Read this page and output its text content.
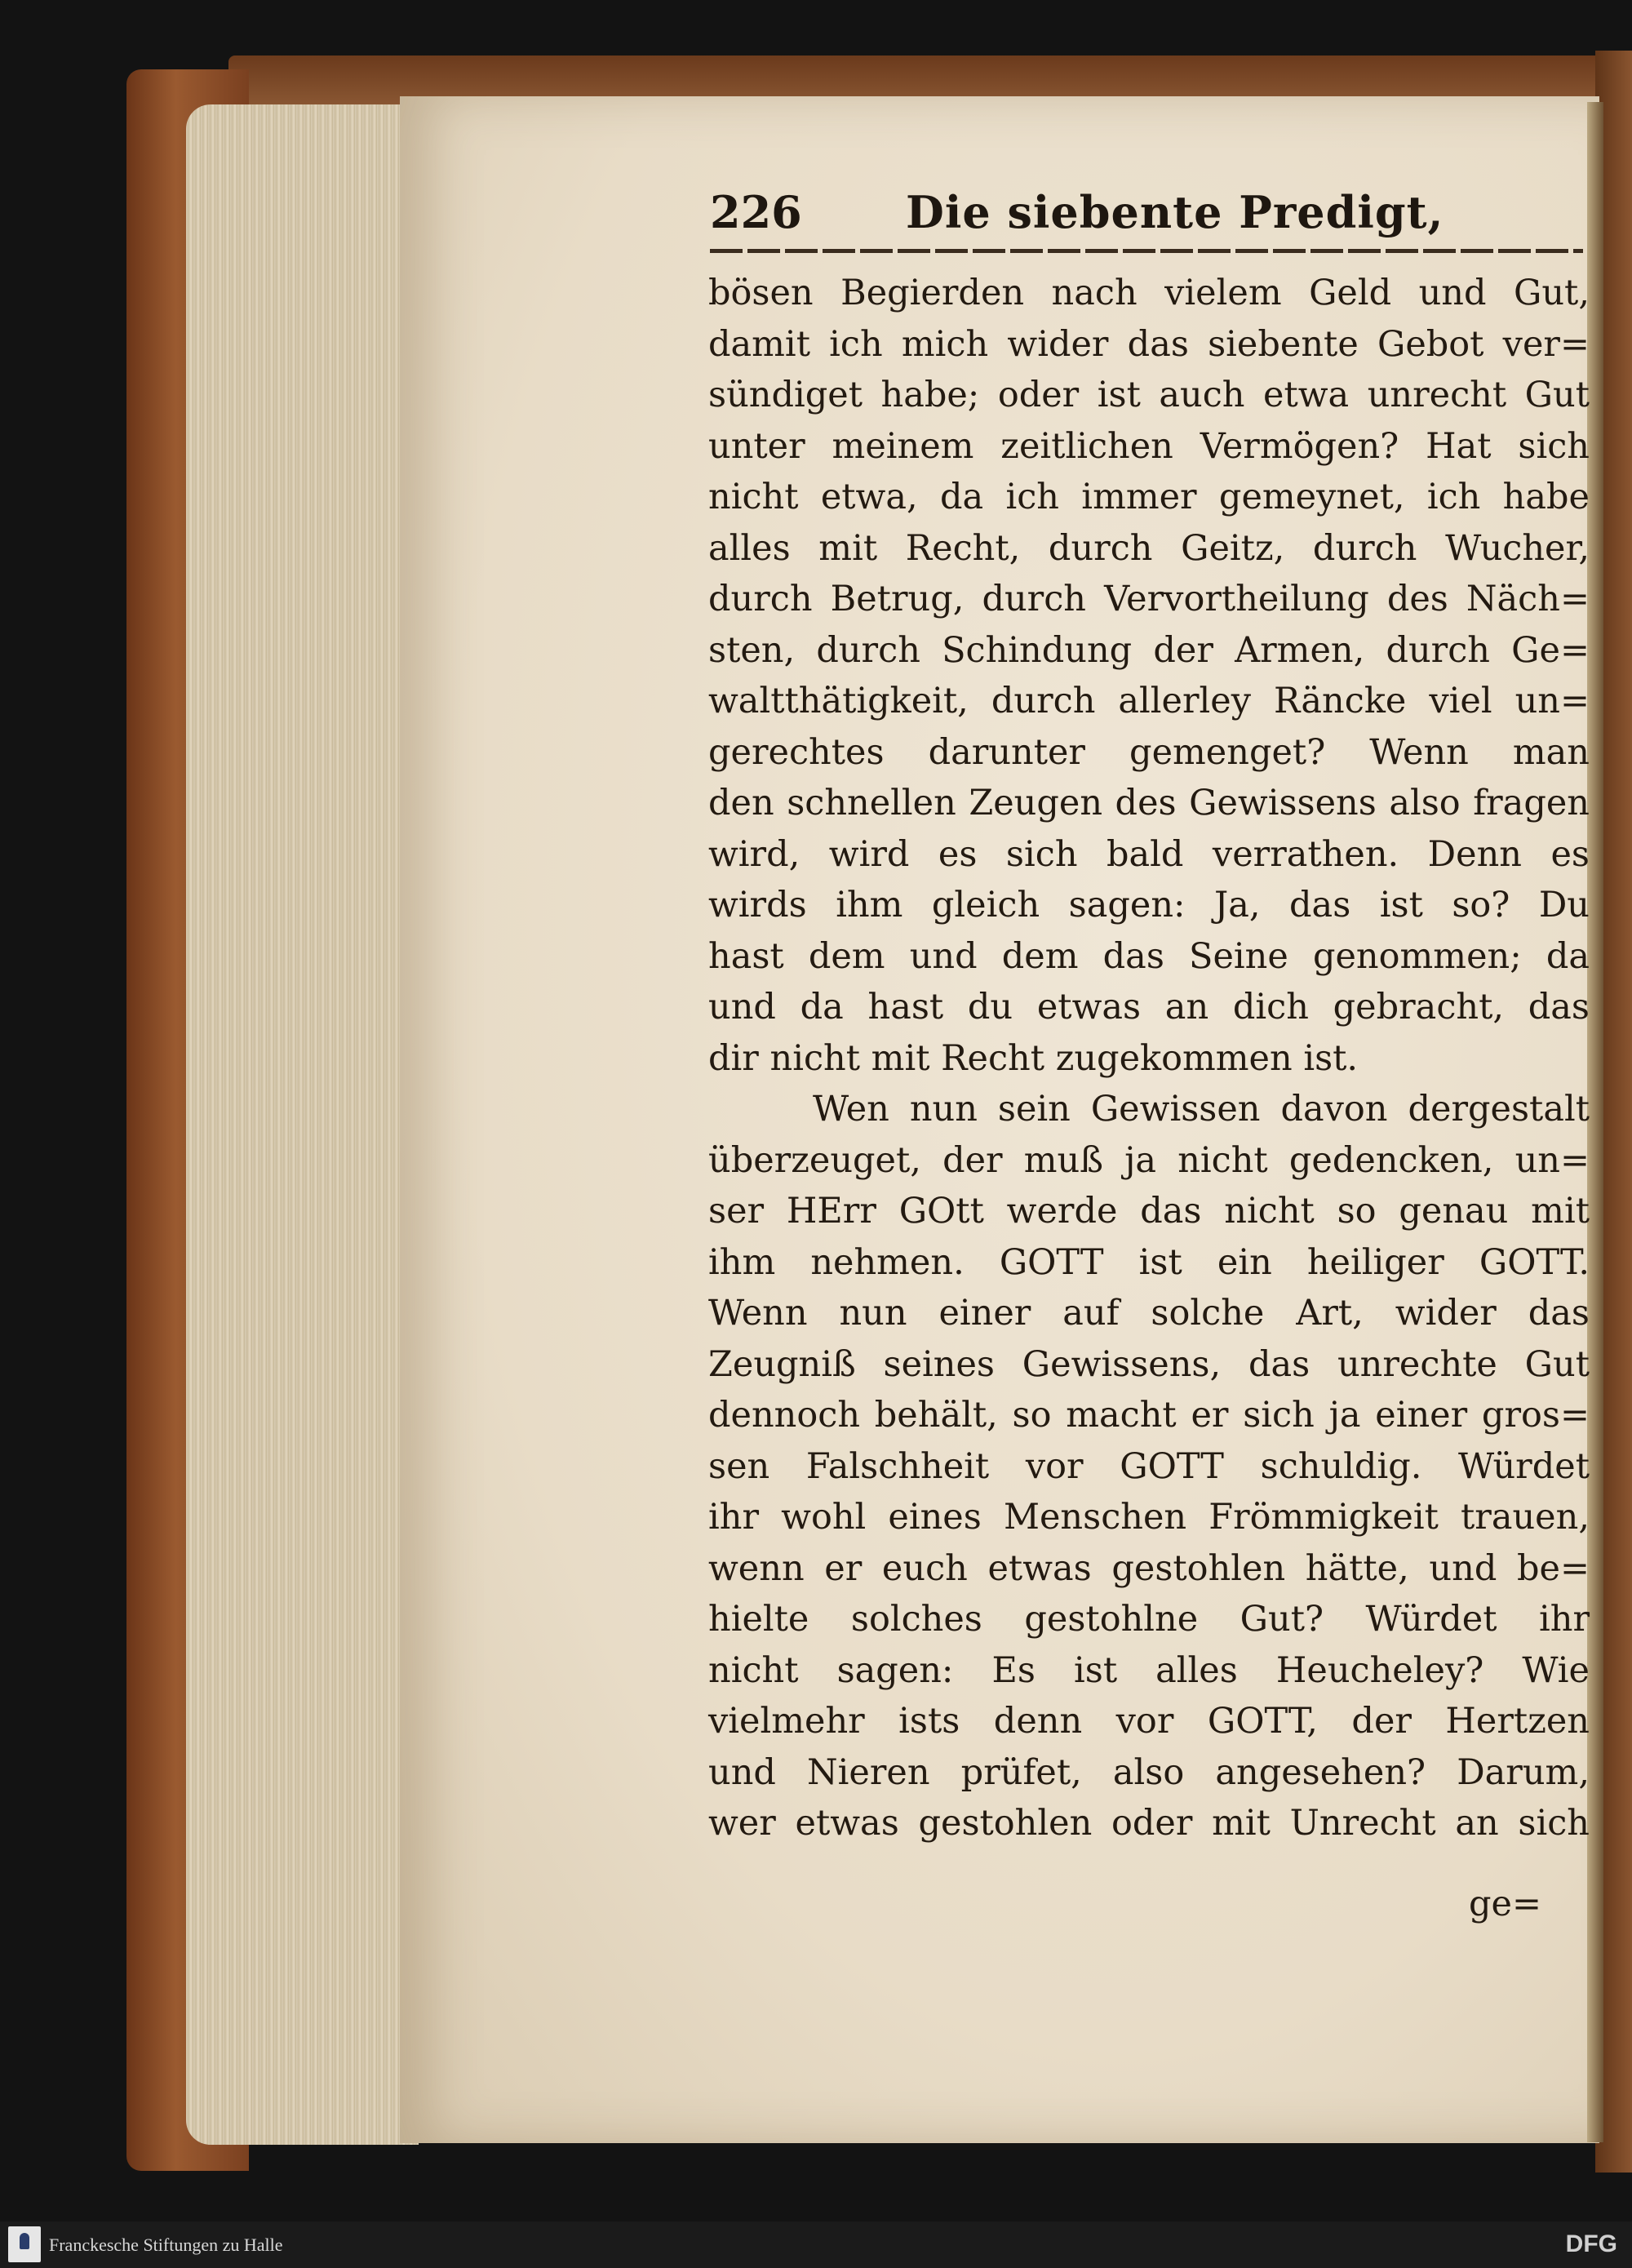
226 Die siebente Predigt,
bösen Begierden nach vielem Geld und Gut,
damit ich mich wider das siebente Gebot ver=
sündiget habe; oder ist auch etwa unrecht Gut
unter meinem zeitlichen Vermögen? Hat sich
nicht etwa, da ich immer gemeynet, ich habe
alles mit Recht, durch Geitz, durch Wucher,
durch Betrug, durch Vervortheilung des Näch=
sten, durch Schindung der Armen, durch Ge=
waltthätigkeit, durch allerley Räncke viel un=
gerechtes darunter gemenget? Wenn man
den schnellen Zeugen des Gewissens also fragen
wird, wird es sich bald verrathen. Denn es
wirds ihm gleich sagen: Ja, das ist so? Du
hast dem und dem das Seine genommen; da
und da hast du etwas an dich gebracht, das
dir nicht mit Recht zugekommen ist.
Wen nun sein Gewissen davon dergestalt
überzeuget, der muß ja nicht gedencken, un=
ser HErr GOtt werde das nicht so genau mit
ihm nehmen. GOTT ist ein heiliger GOTT.
Wenn nun einer auf solche Art, wider das
Zeugniß seines Gewissens, das unrechte Gut
dennoch behält, so macht er sich ja einer gros=
sen Falschheit vor GOTT schuldig. Würdet
ihr wohl eines Menschen Frömmigkeit trauen,
wenn er euch etwas gestohlen hätte, und be=
hielte solches gestohlne Gut? Würdet ihr
nicht sagen: Es ist alles Heucheley? Wie
vielmehr ists denn vor GOTT, der Hertzen
und Nieren prüfet, also angesehen? Darum,
wer etwas gestohlen oder mit Unrecht an sich
ge=
Franckesche Stiftungen zu Halle	DFG
